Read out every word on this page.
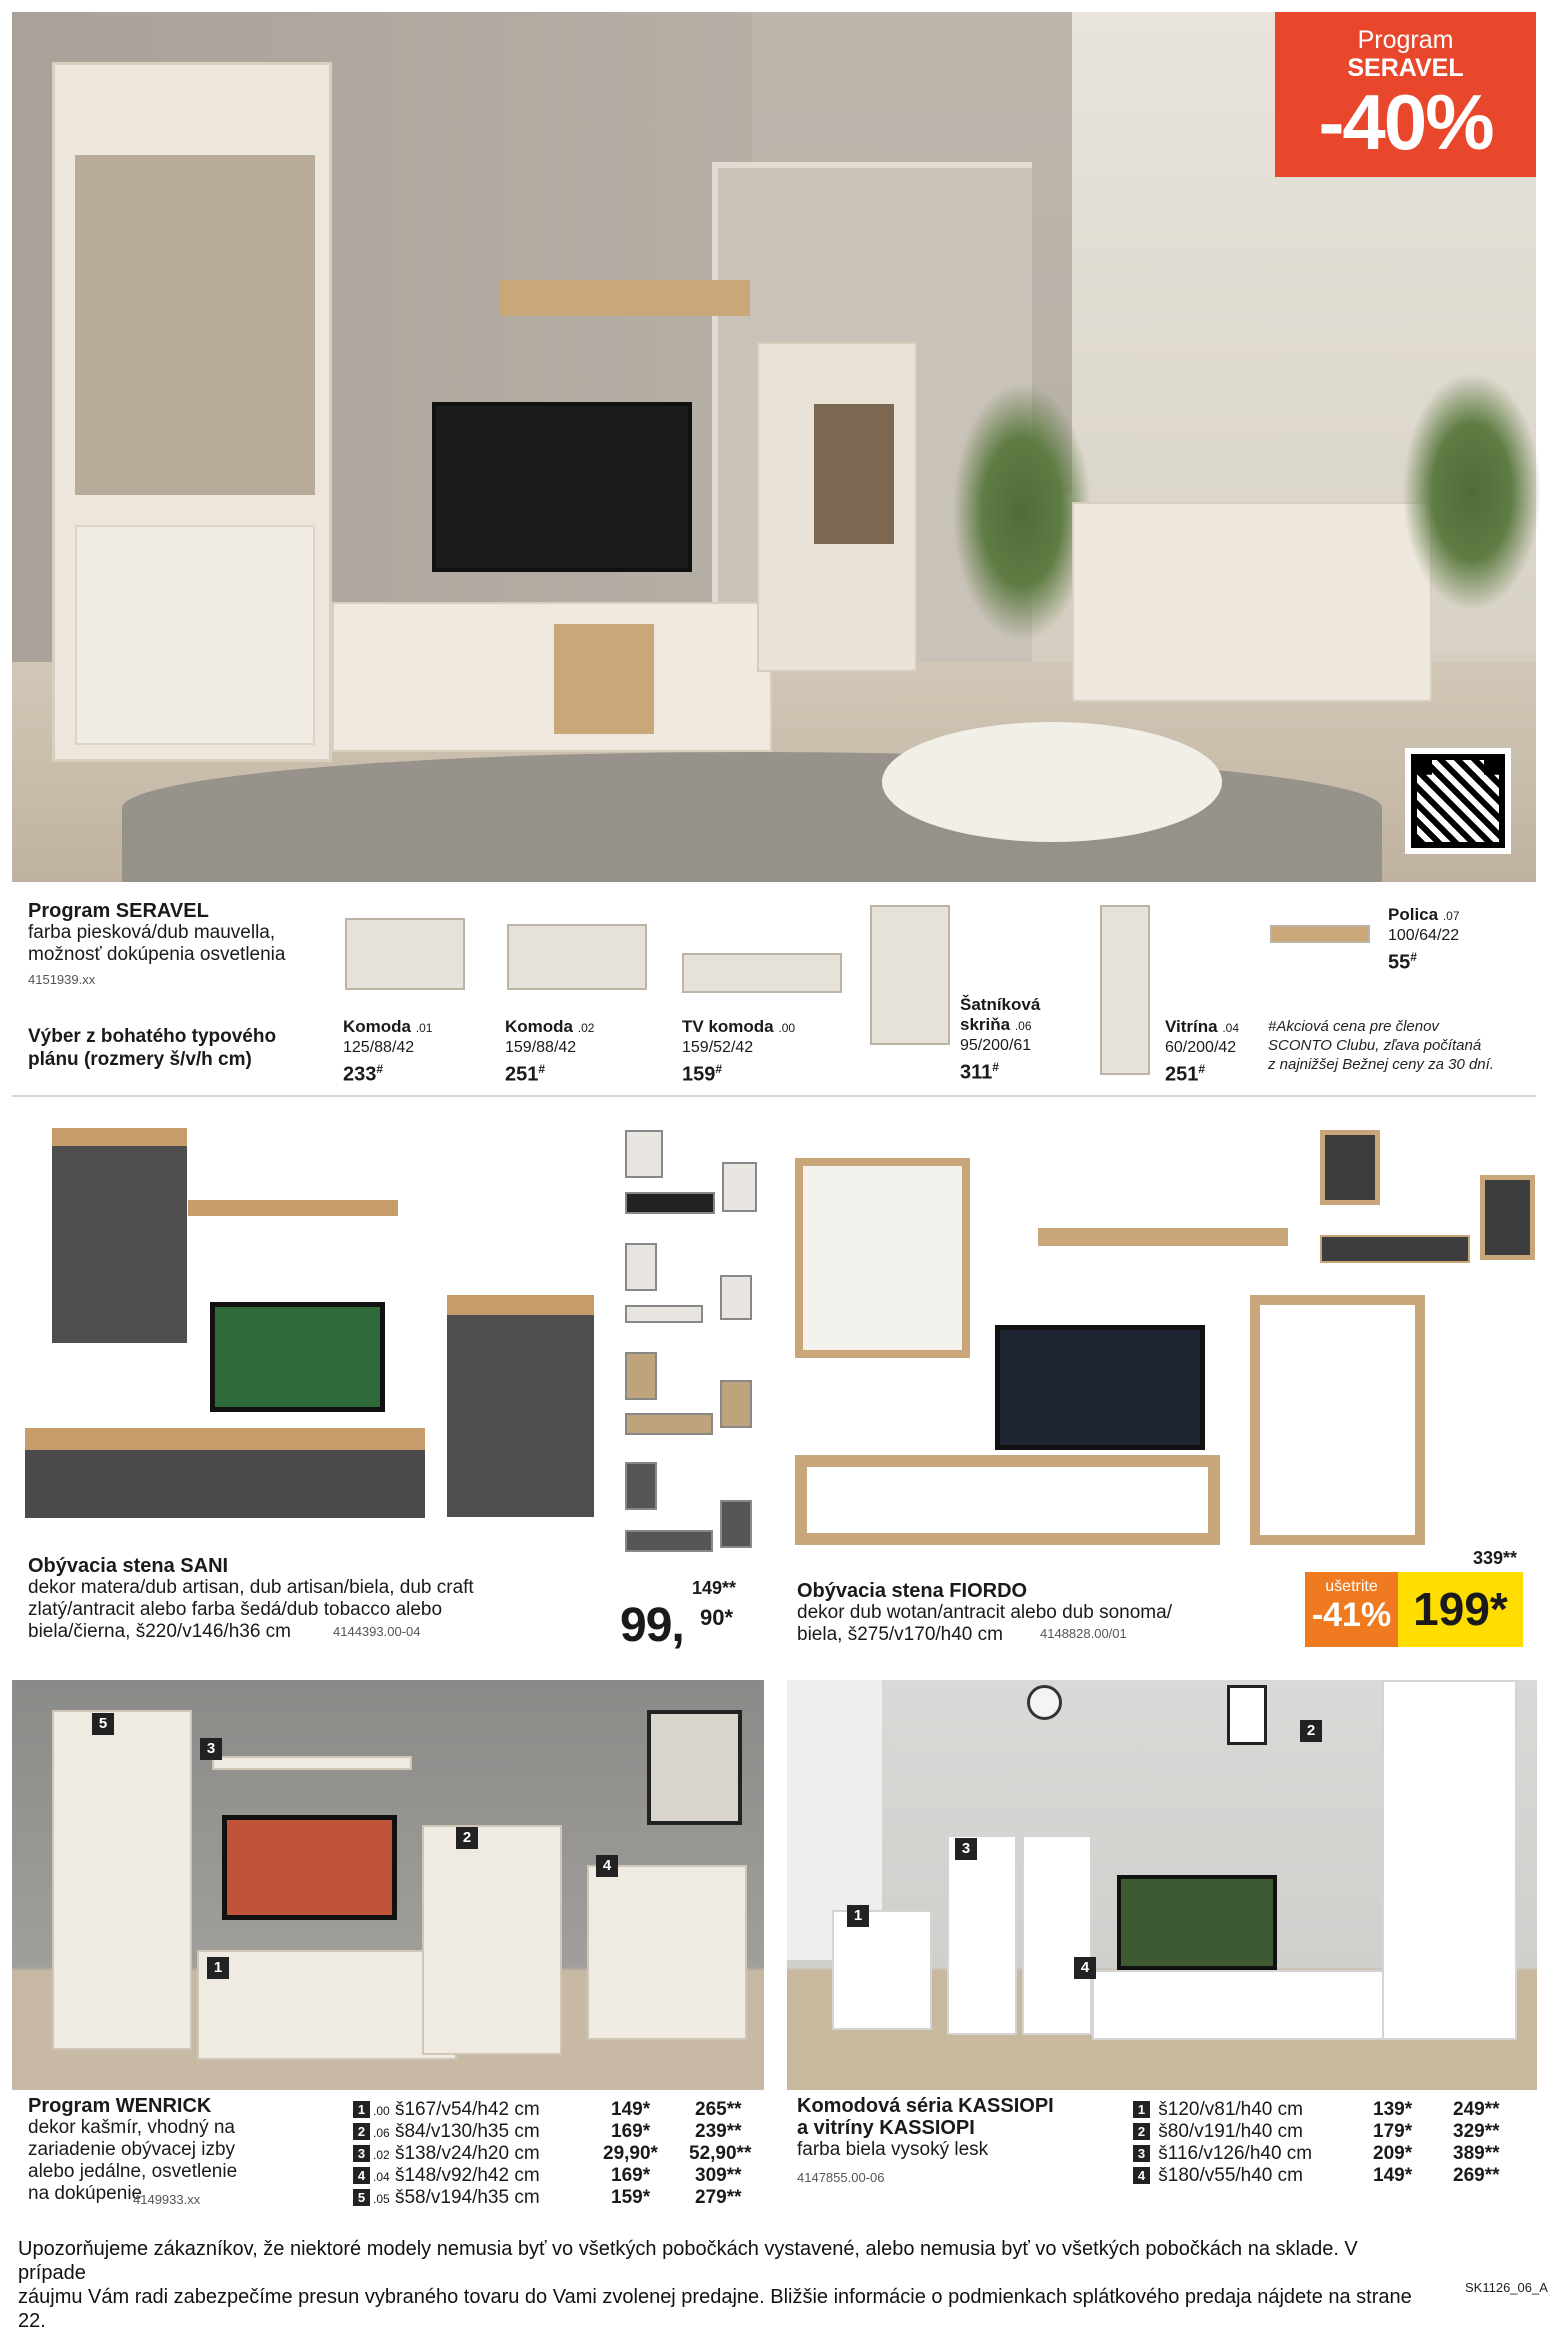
Program
SERAVEL
-40%
Program SERAVEL
farba piesková/dub mauvella,
možnosť dokúpenia osvetlenia
4151939.xx
Výber z bohatého typového
plánu (rozmery š/v/h cm)
Komoda .01
125/88/42
233#
Komoda .02
159/88/42
251#
TV komoda .00
159/52/42
159#
Šatníková
skriňa .06
95/200/61
311#
Vitrína .04
60/200/42
251#
Polica .07
100/64/22
55#
#Akciová cena pre členov
SCONTO Clubu, zľava počítaná
z najnižšej Bežnej ceny za 30 dní.
Obývacia stena SANI
dekor matera/dub artisan, dub artisan/biela, dub craft
zlatý/antracit alebo farba šedá/dub tobacco alebo
biela/čierna, š220/v146/h36 cm	4144393.00-04
149**
99, 90*
Obývacia stena FIORDO
dekor dub wotan/antracit alebo dub sonoma/
biela, š275/v170/h40 cm	4148828.00/01
339**
ušetrite
-41% 199*
5
3
2
4
1
2
3
1
4
Program WENRICK
dekor kašmír, vhodný na
zariadenie obývacej izby
alebo jedálne, osvetlenie
na dokúpenie
4149933.xx
1 .00 š167/v54/h42 cm	149* 265**
2 .06 š84/v130/h35 cm	169* 239**
3 .02 š138/v24/h20 cm	29,90* 52,90**
4 .04 š148/v92/h42 cm	169* 309**
5 .05 š58/v194/h35 cm	159* 279**
Komodová séria KASSIOPI
a vitríny KASSIOPI
farba biela vysoký lesk
4147855.00-06
1 š120/v81/h40 cm	139* 249**
2 š80/v191/h40 cm	179* 329**
3 š116/v126/h40 cm	209* 389**
4 š180/v55/h40 cm	149* 269**
Upozorňujeme zákazníkov, že niektoré modely nemusia byť vo všetkých pobočkách vystavené, alebo nemusia byť vo všetkých pobočkách na sklade. V prípade
záujmu Vám radi zabezpečíme presun vybraného tovaru do Vami zvolenej predajne. Bližšie informácie o podmienkach splátkového predaja nájdete na strane 22.
SK1126_06_A
